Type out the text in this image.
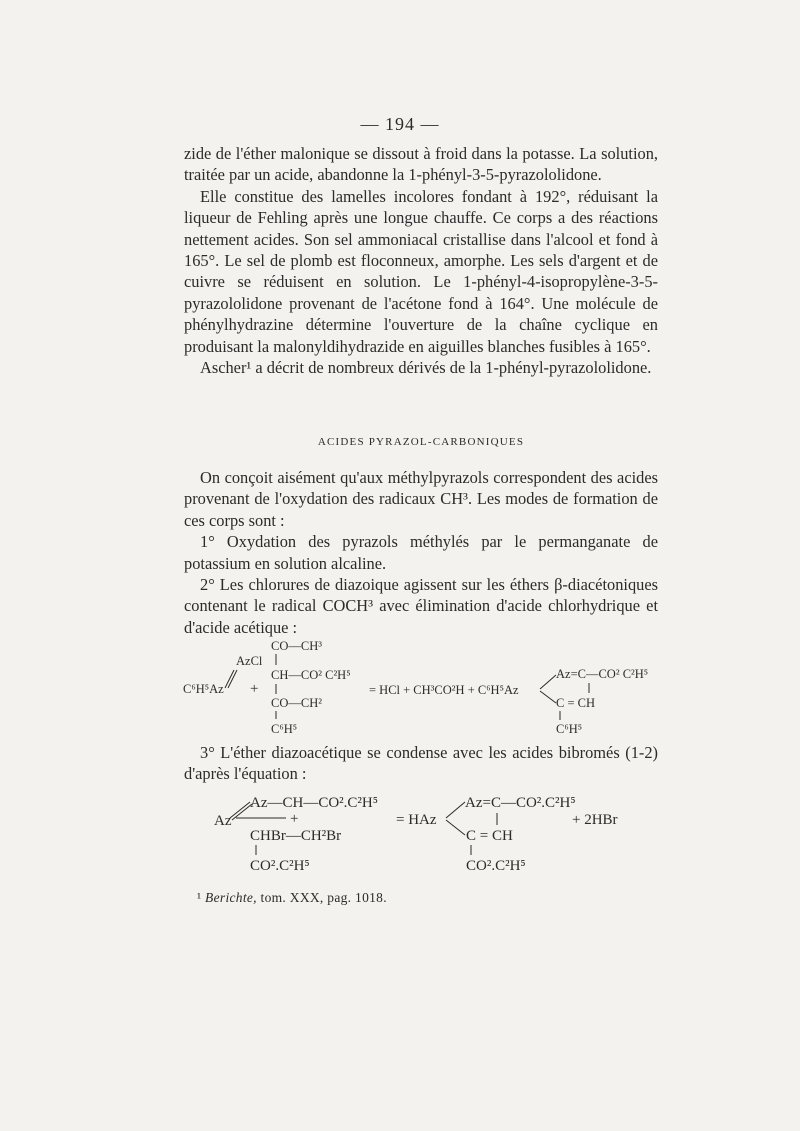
— 194 —

zide de l'éther malonique se dissout à froid dans la potasse. La solution, traitée par un acide, abandonne la 1-phényl-3-5-pyrazololidone.

Elle constitue des lamelles incolores fondant à 192°, réduisant la liqueur de Fehling après une longue chauffe. Ce corps a des réactions nettement acides. Son sel ammoniacal cristallise dans l'alcool et fond à 165°. Le sel de plomb est floconneux, amorphe. Les sels d'argent et de cuivre se réduisent en solution. Le 1-phényl-4-isopropylène-3-5-pyrazololidone provenant de l'acétone fond à 164°. Une molécule de phénylhydrazine détermine l'ouverture de la chaîne cyclique en produisant la malonyldihydrazide en aiguilles blanches fusibles à 165°.

Ascher¹ a décrit de nombreux dérivés de la 1-phényl-pyrazololidone.

ACIDES PYRAZOL-CARBONIQUES

On conçoit aisément qu'aux méthylpyrazols correspondent des acides provenant de l'oxydation des radicaux CH³. Les modes de formation de ces corps sont :

1° Oxydation des pyrazols méthylés par le permanganate de potassium en solution alcaline.

2° Les chlorures de diazoique agissent sur les éthers β-diacétoniques contenant le radical COCH³ avec élimination d'acide chlorhydrique et d'acide acétique :

CO—CH³
AzCl
CH—CO² C²H⁵
C⁶H⁵Az +
CO—CH²
C⁶H⁵
= HCl + CH³CO²H + C⁶H⁵Az
Az=C—CO² C²H⁵
C = CH
C⁶H⁵

3° L'éther diazoacétique se condense avec les acides bibromés (1-2) d'après l'équation :

Az—CH—CO².C²H⁵
Az	+
CHBr—CH²Br
CO².C²H⁵
= HAz
Az=C—CO².C²H⁵
C = CH
CO².C²H⁵
+ 2HBr
¹ Berichte, tom. XXX, pag. 1018.
